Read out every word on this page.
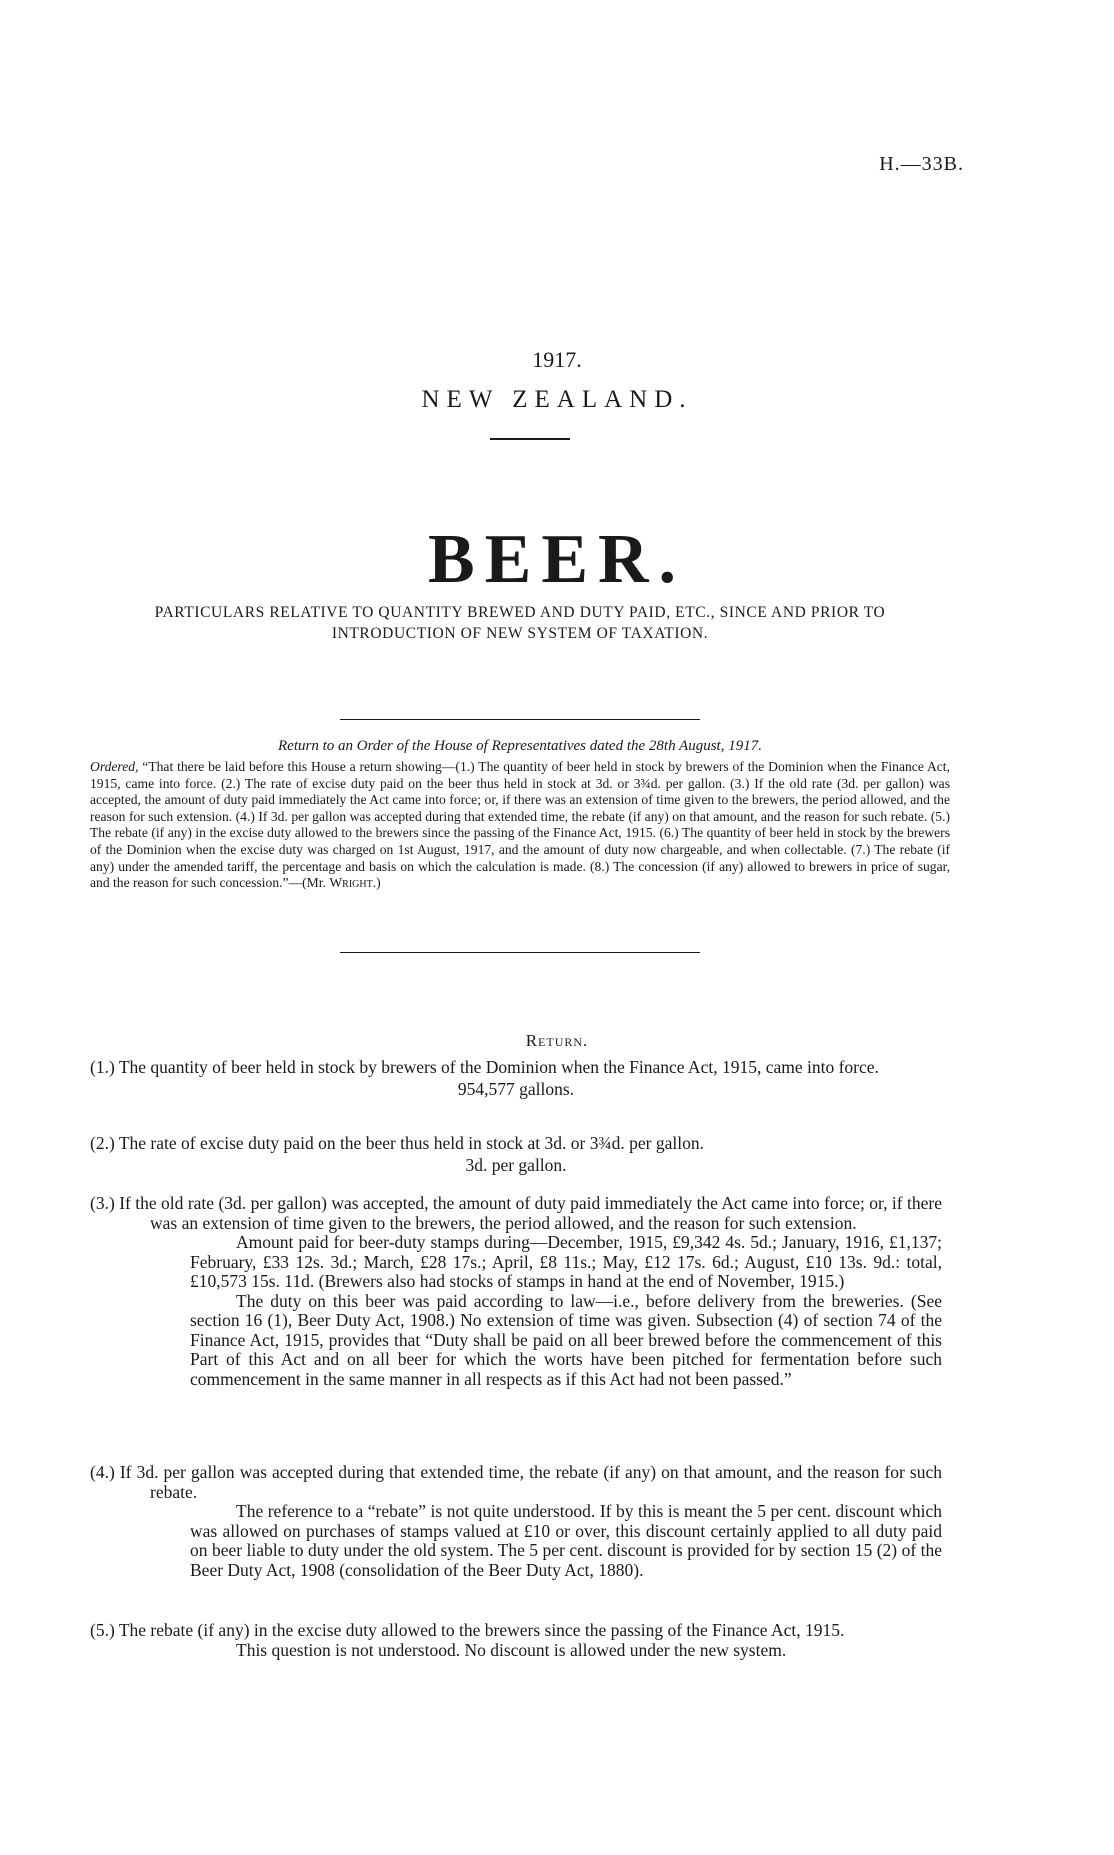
H.—33B.
1917.
NEW ZEALAND.
BEER.
PARTICULARS RELATIVE TO QUANTITY BREWED AND DUTY PAID, ETC., SINCE AND PRIOR TO
INTRODUCTION OF NEW SYSTEM OF TAXATION.
Return to an Order of the House of Representatives dated the 28th August, 1917.
Ordered, “That there be laid before this House a return showing—(1.) The quantity of beer held in stock by brewers of the Dominion when the Finance Act, 1915, came into force. (2.) The rate of excise duty paid on the beer thus held in stock at 3d. or 3¾d. per gallon. (3.) If the old rate (3d. per gallon) was accepted, the amount of duty paid immediately the Act came into force; or, if there was an extension of time given to the brewers, the period allowed, and the reason for such extension. (4.) If 3d. per gallon was accepted during that extended time, the rebate (if any) on that amount, and the reason for such rebate. (5.) The rebate (if any) in the excise duty allowed to the brewers since the passing of the Finance Act, 1915. (6.) The quantity of beer held in stock by the brewers of the Dominion when the excise duty was charged on 1st August, 1917, and the amount of duty now chargeable, and when collectable. (7.) The rebate (if any) under the amended tariff, the percentage and basis on which the calculation is made. (8.) The concession (if any) allowed to brewers in price of sugar, and the reason for such concession.”—(Mr. Wright.)
Return.
(1.) The quantity of beer held in stock by brewers of the Dominion when the Finance Act, 1915, came into force.
954,577 gallons.
(2.) The rate of excise duty paid on the beer thus held in stock at 3d. or 3¾d. per gallon.
3d. per gallon.
(3.) If the old rate (3d. per gallon) was accepted, the amount of duty paid immediately the Act came into force; or, if there was an extension of time given to the brewers, the period allowed, and the reason for such extension.
Amount paid for beer-duty stamps during—December, 1915, £9,342 4s. 5d.; January, 1916, £1,137; February, £33 12s. 3d.; March, £28 17s.; April, £8 11s.; May, £12 17s. 6d.; August, £10 13s. 9d.: total, £10,573 15s. 11d. (Brewers also had stocks of stamps in hand at the end of November, 1915.)
The duty on this beer was paid according to law—i.e., before delivery from the breweries. (See section 16 (1), Beer Duty Act, 1908.) No extension of time was given. Subsection (4) of section 74 of the Finance Act, 1915, provides that “Duty shall be paid on all beer brewed before the commencement of this Part of this Act and on all beer for which the worts have been pitched for fermentation before such commencement in the same manner in all respects as if this Act had not been passed.”
(4.) If 3d. per gallon was accepted during that extended time, the rebate (if any) on that amount, and the reason for such rebate.
The reference to a “rebate” is not quite understood. If by this is meant the 5 per cent. discount which was allowed on purchases of stamps valued at £10 or over, this discount certainly applied to all duty paid on beer liable to duty under the old system. The 5 per cent. discount is provided for by section 15 (2) of the Beer Duty Act, 1908 (consolidation of the Beer Duty Act, 1880).
(5.) The rebate (if any) in the excise duty allowed to the brewers since the passing of the Finance Act, 1915.
This question is not understood. No discount is allowed under the new system.
